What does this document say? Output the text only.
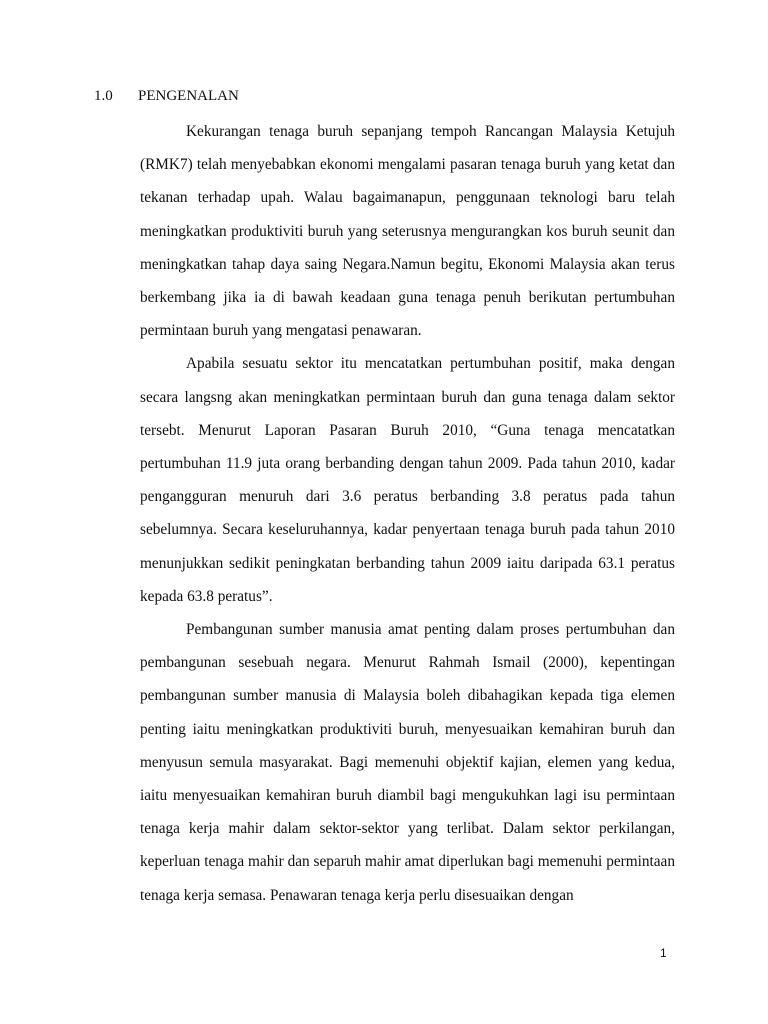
1.0 PENGENALAN

Kekurangan tenaga buruh sepanjang tempoh Rancangan Malaysia Ketujuh (RMK7) telah menyebabkan ekonomi mengalami pasaran tenaga buruh yang ketat dan tekanan terhadap upah. Walau bagaimanapun, penggunaan teknologi baru telah meningkatkan produktiviti buruh yang seterusnya mengurangkan kos buruh seunit dan meningkatkan tahap daya saing Negara.Namun begitu, Ekonomi Malaysia akan terus berkembang jika ia di bawah keadaan guna tenaga penuh berikutan pertumbuhan permintaan buruh yang mengatasi penawaran.

Apabila sesuatu sektor itu mencatatkan pertumbuhan positif, maka dengan secara langsng akan meningkatkan permintaan buruh dan guna tenaga dalam sektor tersebt. Menurut Laporan Pasaran Buruh 2010, “Guna tenaga mencatatkan pertumbuhan 11.9 juta orang berbanding dengan tahun 2009. Pada tahun 2010, kadar pengangguran menuruh dari 3.6 peratus berbanding 3.8 peratus pada tahun sebelumnya. Secara keseluruhannya, kadar penyertaan tenaga buruh pada tahun 2010 menunjukkan sedikit peningkatan berbanding tahun 2009 iaitu daripada 63.1 peratus kepada 63.8 peratus”.

Pembangunan sumber manusia amat penting dalam proses pertumbuhan dan pembangunan sesebuah negara. Menurut Rahmah Ismail (2000), kepentingan pembangunan sumber manusia di Malaysia boleh dibahagikan kepada tiga elemen penting iaitu meningkatkan produktiviti buruh, menyesuaikan kemahiran buruh dan menyusun semula masyarakat. Bagi memenuhi objektif kajian, elemen yang kedua, iaitu menyesuaikan kemahiran buruh diambil bagi mengukuhkan lagi isu permintaan tenaga kerja mahir dalam sektor-sektor yang terlibat. Dalam sektor perkilangan, keperluan tenaga mahir dan separuh mahir amat diperlukan bagi memenuhi permintaan tenaga kerja semasa. Penawaran tenaga kerja perlu disesuaikan dengan

1
